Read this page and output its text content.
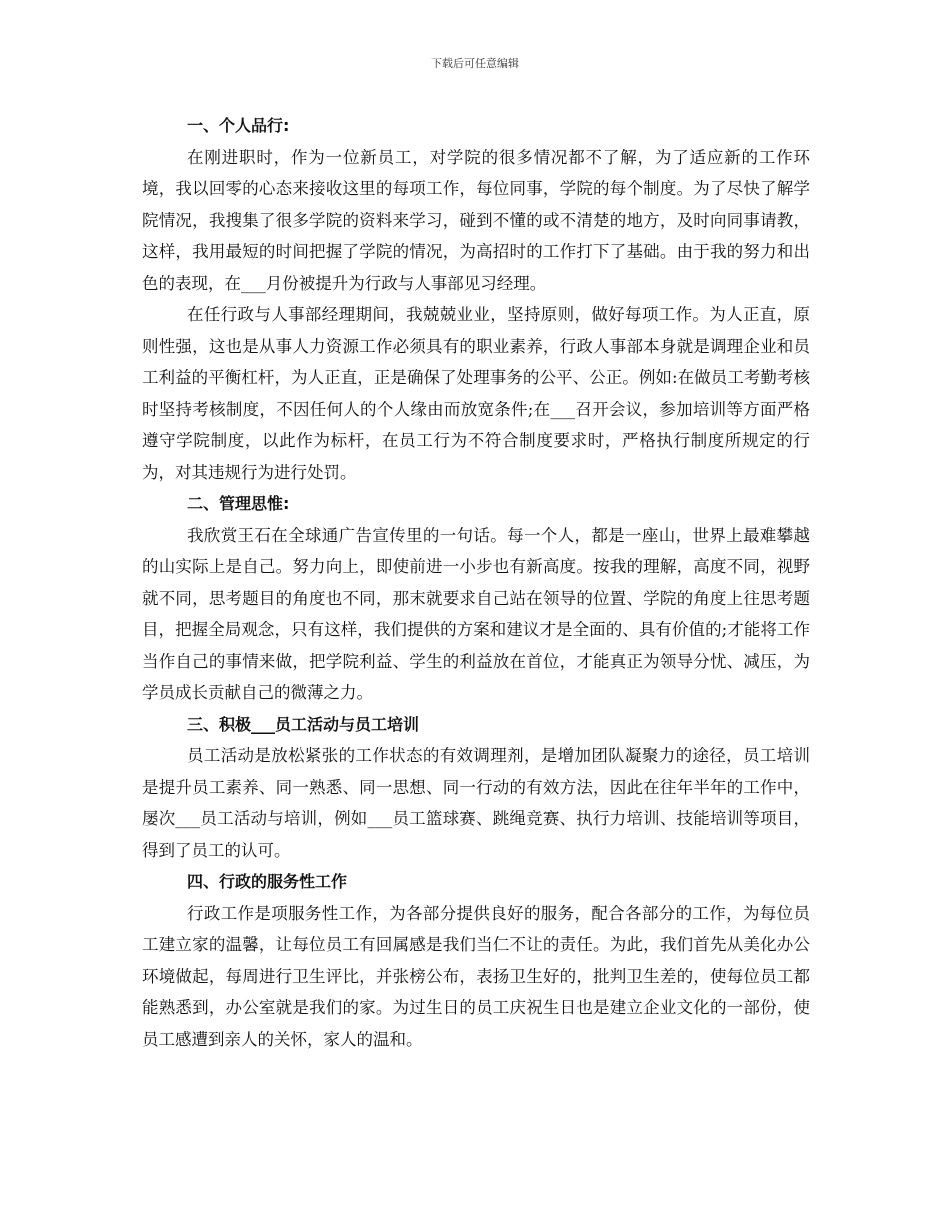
下载后可任意编辑

一、个人品行:

在刚进职时，作为一位新员工，对学院的很多情况都不了解，为了适应新的工作环境，我以回零的心态来接收这里的每项工作，每位同事，学院的每个制度。为了尽快了解学院情况，我搜集了很多学院的资料来学习，碰到不懂的或不清楚的地方，及时向同事请教，这样，我用最短的时间把握了学院的情况，为高招时的工作打下了基础。由于我的努力和出色的表现，在___月份被提升为行政与人事部见习经理。

在任行政与人事部经理期间，我兢兢业业，坚持原则，做好每项工作。为人正直，原则性强，这也是从事人力资源工作必须具有的职业素养，行政人事部本身就是调理企业和员工利益的平衡杠杆，为人正直，正是确保了处理事务的公平、公正。例如:在做员工考勤考核时坚持考核制度，不因任何人的个人缘由而放宽条件;在___召开会议，参加培训等方面严格遵守学院制度，以此作为标杆，在员工行为不符合制度要求时，严格执行制度所规定的行为，对其违规行为进行处罚。

二、管理思惟:

我欣赏王石在全球通广告宣传里的一句话。每一个人，都是一座山，世界上最难攀越的山实际上是自己。努力向上，即使前进一小步也有新高度。按我的理解，高度不同，视野就不同，思考题目的角度也不同，那末就要求自己站在领导的位置、学院的角度上往思考题目，把握全局观念，只有这样，我们提供的方案和建议才是全面的、具有价值的;才能将工作当作自己的事情来做，把学院利益、学生的利益放在首位，才能真正为领导分忧、减压，为学员成长贡献自己的微薄之力。

三、积极___员工活动与员工培训

员工活动是放松紧张的工作状态的有效调理剂，是增加团队凝聚力的途径，员工培训是提升员工素养、同一熟悉、同一思想、同一行动的有效方法，因此在往年半年的工作中，屡次___员工活动与培训，例如___员工篮球赛、跳绳竞赛、执行力培训、技能培训等项目，得到了员工的认可。

四、行政的服务性工作

行政工作是项服务性工作，为各部分提供良好的服务，配合各部分的工作，为每位员工建立家的温馨，让每位员工有回属感是我们当仁不让的责任。为此，我们首先从美化办公环境做起，每周进行卫生评比，并张榜公布，表扬卫生好的，批判卫生差的，使每位员工都能熟悉到，办公室就是我们的家。为过生日的员工庆祝生日也是建立企业文化的一部份，使员工感遭到亲人的关怀，家人的温和。
